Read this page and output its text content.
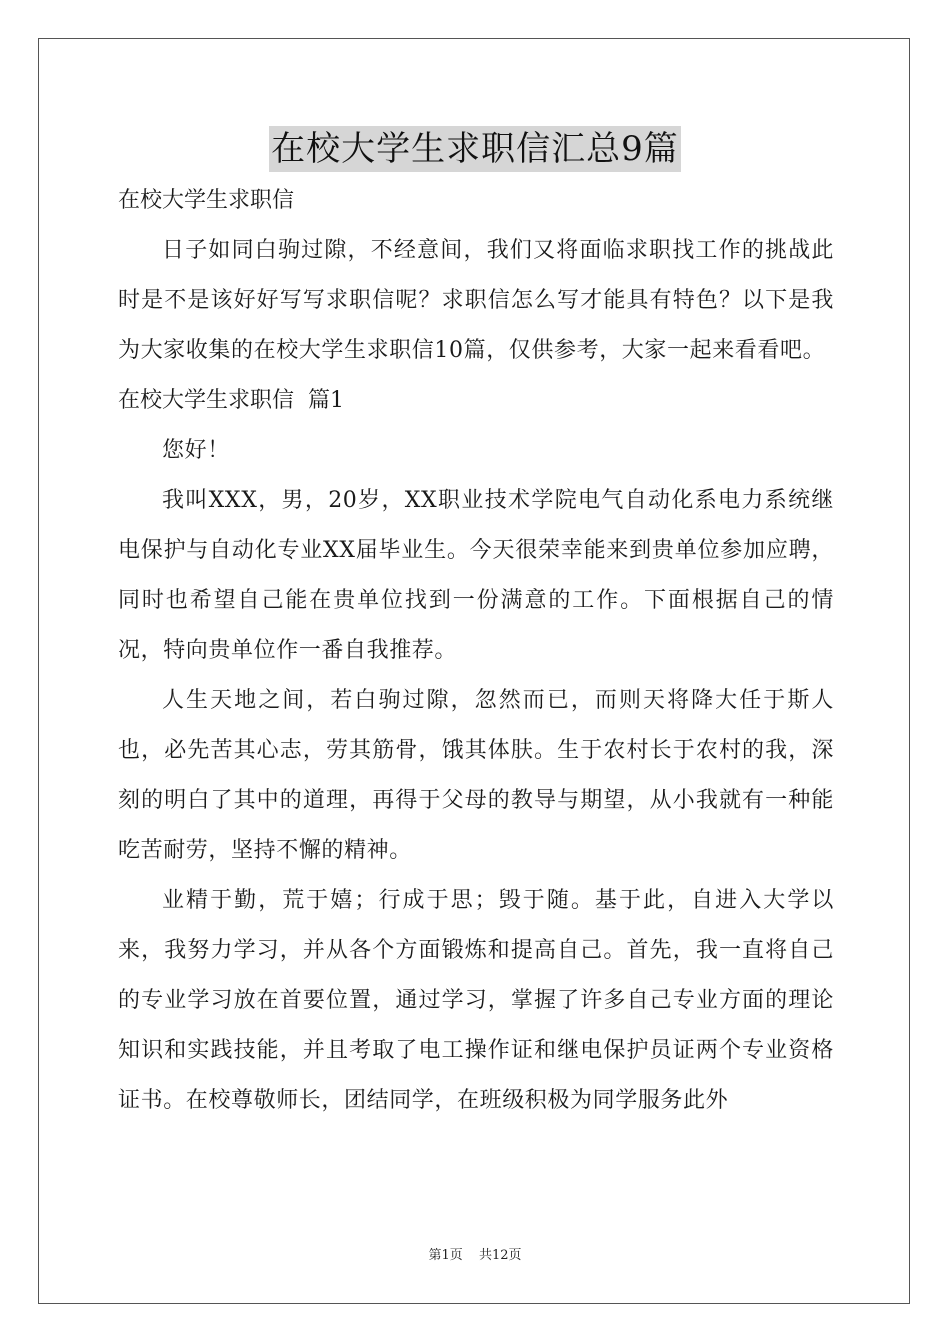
在校大学生求职信汇总9篇

在校大学生求职信

日子如同白驹过隙，不经意间，我们又将面临求职找工作的挑战此时是不是该好好写写求职信呢？求职信怎么写才能具有特色？以下是我为大家收集的在校大学生求职信10篇，仅供参考，大家一起来看看吧。

在校大学生求职信  篇1

您好！

我叫XXX，男，20岁，XX职业技术学院电气自动化系电力系统继电保护与自动化专业XX届毕业生。今天很荣幸能来到贵单位参加应聘，同时也希望自己能在贵单位找到一份满意的工作。下面根据自己的情况，特向贵单位作一番自我推荐。

人生天地之间，若白驹过隙，忽然而已，而则天将降大任于斯人也，必先苦其心志，劳其筋骨，饿其体肤。生于农村长于农村的我，深刻的明白了其中的道理，再得于父母的教导与期望，从小我就有一种能吃苦耐劳，坚持不懈的精神。

业精于勤，荒于嬉；行成于思；毁于随。基于此，自进入大学以来，我努力学习，并从各个方面锻炼和提高自己。首先，我一直将自己的专业学习放在首要位置，通过学习，掌握了许多自己专业方面的理论知识和实践技能，并且考取了电工操作证和继电保护员证两个专业资格证书。在校尊敬师长，团结同学，在班级积极为同学服务此外

第1页 共12页
